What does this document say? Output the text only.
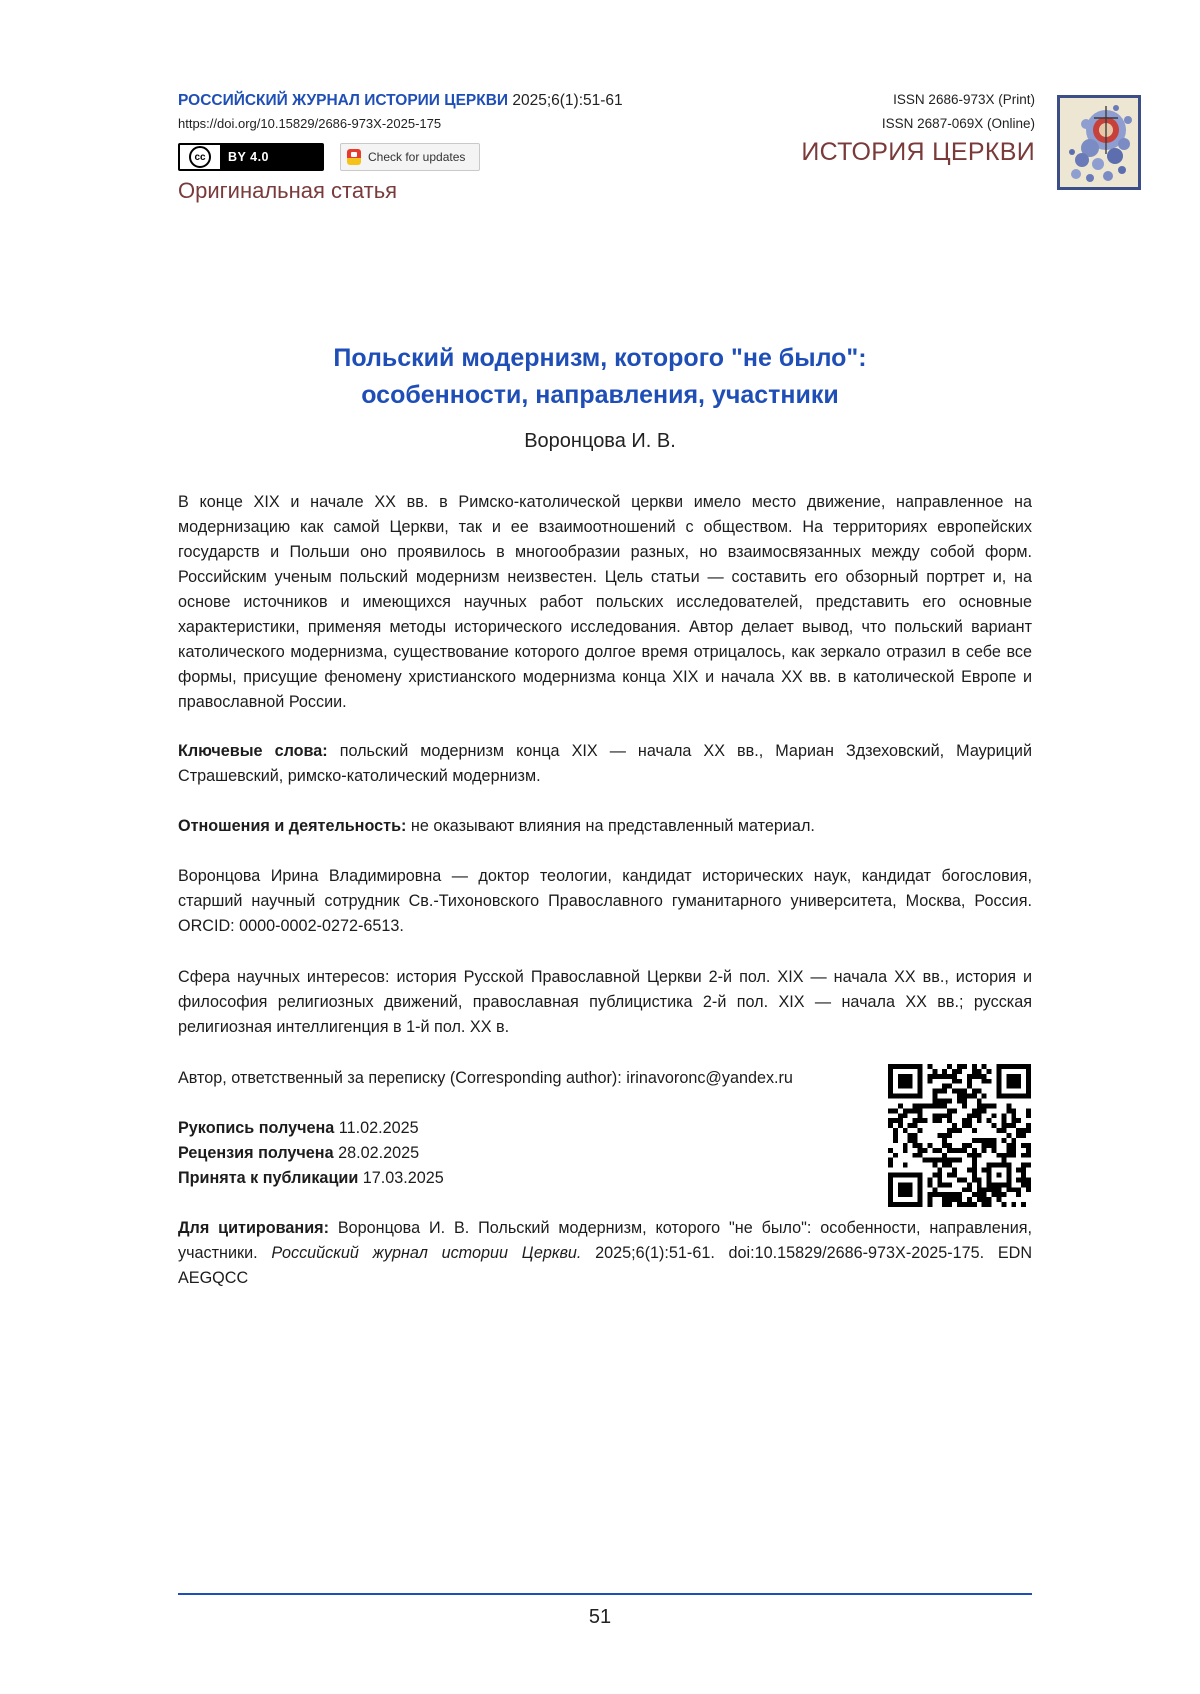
РОССИЙСКИЙ ЖУРНАЛ ИСТОРИИ ЦЕРКВИ 2025;6(1):51-61
https://doi.org/10.15829/2686-973X-2025-175
cc	BY 4.0	Check for updates
Оригинальная статья
ISSN 2686-973X (Print)
ISSN 2687-069X (Online)
ИСТОРИЯ ЦЕРКВИ
Польский модернизм, которого "не было":
особенности, направления, участники
Воронцова И. В.
В конце XIX и начале XX вв. в Римско-католической церкви имело место движение, направленное на модернизацию как самой Церкви, так и ее взаимоотношений с обществом. На территориях европейских государств и Польши оно проявилось в многообразии разных, но взаимосвязанных между собой форм. Российским ученым польский модернизм неизвестен. Цель статьи — составить его обзорный портрет и, на основе источников и имеющихся научных работ польских исследователей, представить его основные характеристики, применяя методы исторического исследования. Автор делает вывод, что польский вариант католического модернизма, существование которого долгое время отрицалось, как зеркало отразил в себе все формы, присущие феномену христианского модернизма конца XIX и начала XX вв. в католической Европе и православной России.
Ключевые слова: польский модернизм конца XIX — начала XX вв., Мариан Здзеховский, Мауриций Страшевский, римско-католический модернизм.
Отношения и деятельность: не оказывают влияния на представленный материал.
Воронцова Ирина Владимировна — доктор теологии, кандидат исторических наук, кандидат богословия, старший научный сотрудник Св.-Тихоновского Православного гуманитарного университета, Москва, Россия. ORCID: 0000-0002-0272-6513.
Сфера научных интересов: история Русской Православной Церкви 2-й пол. XIX — начала XX вв., история и философия религиозных движений, православная публицистика 2-й пол. XIX — начала XX вв.; русская религиозная интеллигенция в 1-й пол. XX в.
Автор, ответственный за переписку (Corresponding author): irinavoronc@yandex.ru
Рукопись получена 11.02.2025
Рецензия получена 28.02.2025
Принята к публикации 17.03.2025
Для цитирования: Воронцова И. В. Польский модернизм, которого "не было": особенности, направления, участники. Российский журнал истории Церкви. 2025;6(1):51-61. doi:10.15829/2686-973X-2025-175. EDN AEGQCC
51
